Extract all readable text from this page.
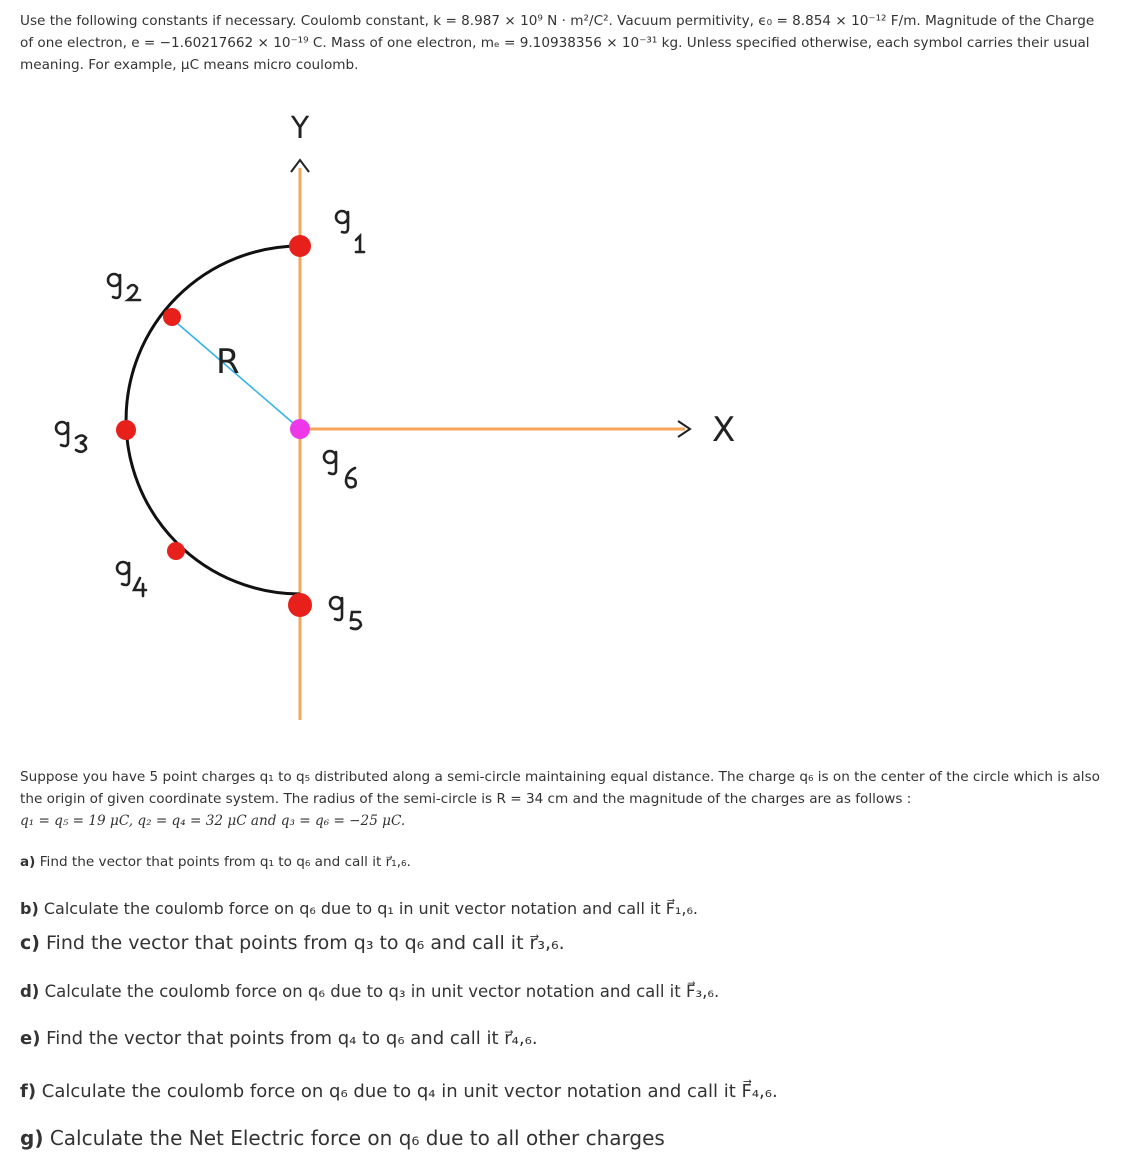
Use the following constants if necessary. Coulomb constant, k = 8.987 × 10⁹ N · m²/C². Vacuum permitivity, ϵ₀ = 8.854 × 10⁻¹² F/m. Magnitude of the Charge of one electron, e = −1.60217662 × 10⁻¹⁹ C. Mass of one electron, mₑ = 9.10938356 × 10⁻³¹ kg. Unless specified otherwise, each symbol carries their usual meaning. For example, μC means micro coulomb.

Y
X
R

Suppose you have 5 point charges q₁ to q₅ distributed along a semi-circle maintaining equal distance. The charge q₆ is on the center of the circle which is also the origin of given coordinate system. The radius of the semi-circle is R = 34 cm and the magnitude of the charges are as follows :

q₁ = q₅ = 19 μC, q₂ = q₄ = 32 μC and q₃ = q₆ = −25 μC.

a) Find the vector that points from q₁ to q₆ and call it r⃗₁,₆.
b) Calculate the coulomb force on q₆ due to q₁ in unit vector notation and call it F⃗₁,₆.
c) Find the vector that points from q₃ to q₆ and call it r⃗₃,₆.
d) Calculate the coulomb force on q₆ due to q₃ in unit vector notation and call it F⃗₃,₆.
e) Find the vector that points from q₄ to q₆ and call it r⃗₄,₆.
f) Calculate the coulomb force on q₆ due to q₄ in unit vector notation and call it F⃗₄,₆.
g) Calculate the Net Electric force on q₆ due to all other charges
